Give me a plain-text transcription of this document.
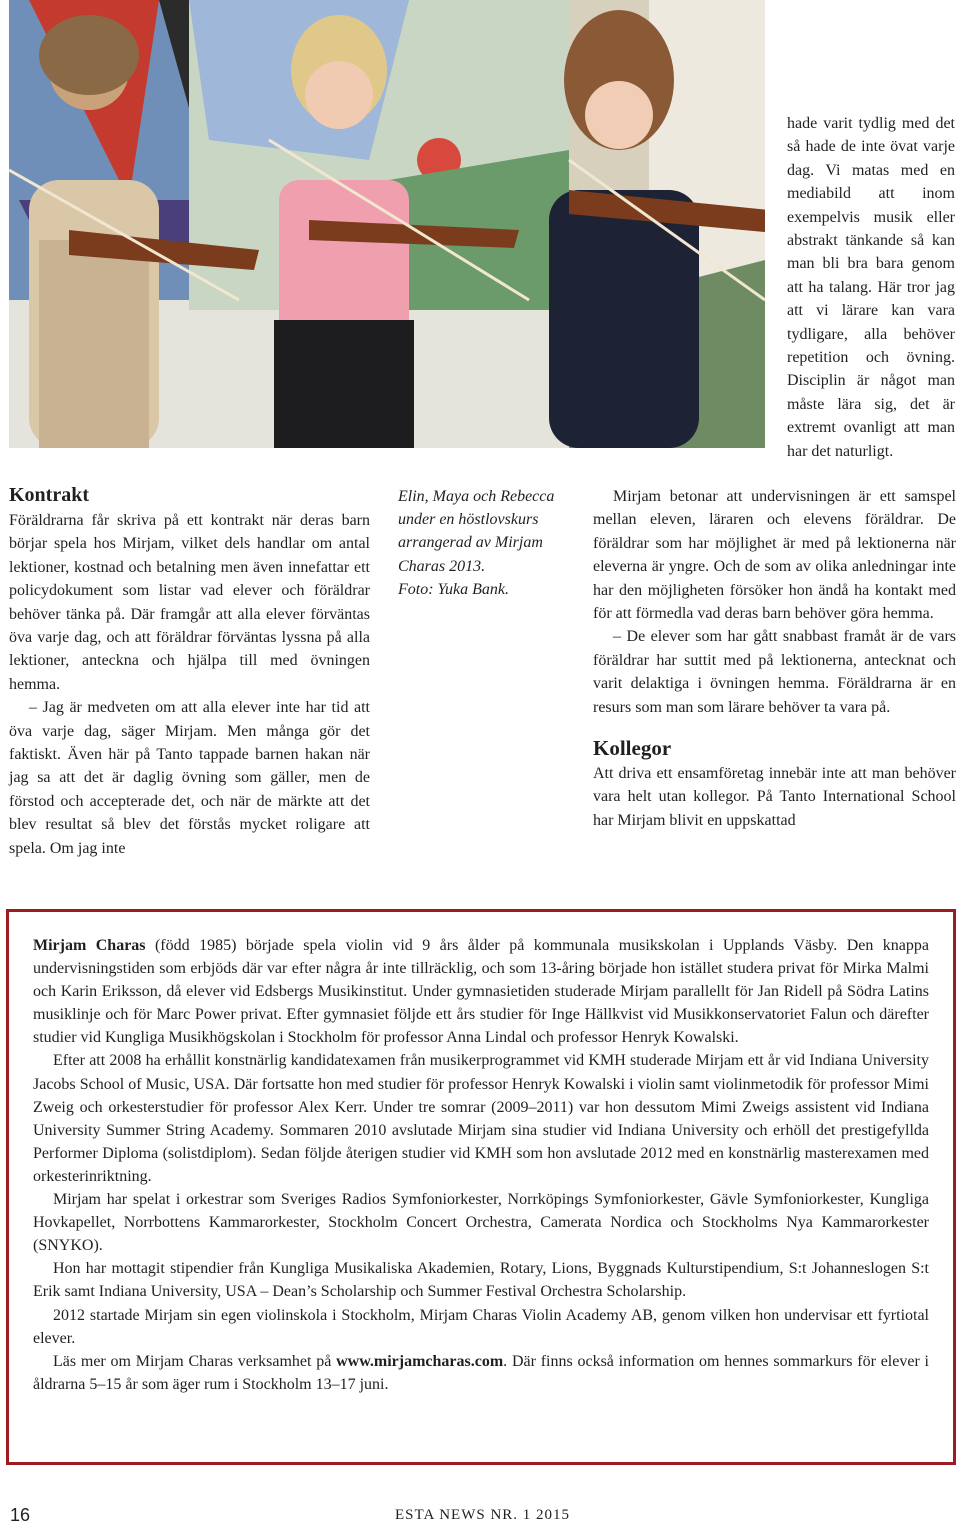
hade varit tydlig med det så hade de inte övat varje dag. Vi matas med en mediabild att inom exempelvis musik eller abstrakt tänkande så kan man bli bra bara genom att ha talang. Här tror jag att vi lärare kan vara tydligare, alla behöver repetition och övning. Disciplin är något man måste lära sig, det är extremt ovanligt att man har det naturligt.

Elin, Maya och Rebecca under en höstlovskurs arrangerad av Mirjam Charas 2013.

Foto: Yuka Bank.

Kontrakt

Föräldrarna får skriva på ett kontrakt när deras barn börjar spela hos Mirjam, vilket dels handlar om antal lektioner, kostnad och betalning men även innefattar ett policydokument som listar vad elever och föräldrar behöver tänka på. Där framgår att alla elever förväntas öva varje dag, och att föräldrar förväntas lyssna på alla lektioner, anteckna och hjälpa till med övningen hemma.

– Jag är medveten om att alla elever inte har tid att öva varje dag, säger Mirjam. Men många gör det faktiskt. Även här på Tanto tappade barnen hakan när jag sa att det är daglig övning som gäller, men de förstod och accepterade det, och när de märkte att det blev resultat så blev det förstås mycket roligare att spela. Om jag inte

Mirjam betonar att undervisningen är ett samspel mellan eleven, läraren och elevens föräldrar. De föräldrar som har möjlighet är med på lektionerna när eleverna är yngre. Och de som av olika anledningar inte har den möjligheten försöker hon ändå ha kontakt med för att förmedla vad deras barn behöver göra hemma.

– De elever som har gått snabbast framåt är de vars föräldrar har suttit med på lektionerna, antecknat och varit delaktiga i övningen hemma. Föräldrarna är en resurs som man som lärare behöver ta vara på.

Kollegor

Att driva ett ensamföretag innebär inte att man behöver vara helt utan kollegor. På Tanto International School har Mirjam blivit en uppskattad

Mirjam Charas (född 1985) började spela violin vid 9 års ålder på kommunala musikskolan i Upplands Väsby. Den knappa undervisningstiden som erbjöds där var efter några år inte tillräcklig, och som 13-åring började hon istället studera privat för Mirka Malmi och Karin Eriksson, då elever vid Edsbergs Musikinstitut. Under gymnasietiden studerade Mirjam parallellt för Jan Ridell på Södra Latins musiklinje och för Marc Power privat. Efter gymnasiet följde ett års studier för Inge Hällkvist vid Musikkonservatoriet Falun och därefter studier vid Kungliga Musikhögskolan i Stockholm för professor Anna Lindal och professor Henryk Kowalski.

Efter att 2008 ha erhållit konstnärlig kandidatexamen från musikerprogrammet vid KMH studerade Mirjam ett år vid Indiana University Jacobs School of Music, USA. Där fortsatte hon med studier för professor Henryk Kowalski i violin samt violinmetodik för professor Mimi Zweig och orkesterstudier för professor Alex Kerr. Under tre somrar (2009–2011) var hon dessutom Mimi Zweigs assistent vid Indiana University Summer String Academy. Sommaren 2010 avslutade Mirjam sina studier vid Indiana University och erhöll det prestigefyllda Performer Diploma (solistdiplom). Sedan följde återigen studier vid KMH som hon avslutade 2012 med en konstnärlig masterexamen med orkesterinriktning.

Mirjam har spelat i orkestrar som Sveriges Radios Symfoniorkester, Norrköpings Symfoniorkester, Gävle Symfoniorkester, Kungliga Hovkapellet, Norrbottens Kammarorkester, Stockholm Concert Orchestra, Camerata Nordica och Stockholms Nya Kammarorkester (SNYKO).

Hon har mottagit stipendier från Kungliga Musikaliska Akademien, Rotary, Lions, Byggnads Kulturstipendium, S:t Johanneslogen S:t Erik samt Indiana University, USA – Dean’s Scholarship och Summer Festival Orchestra Scholarship.

2012 startade Mirjam sin egen violinskola i Stockholm, Mirjam Charas Violin Academy AB, genom vilken hon undervisar ett fyrtiotal elever.

Läs mer om Mirjam Charas verksamhet på www.mirjamcharas.com. Där finns också information om hennes sommarkurs för elever i åldrarna 5–15 år som äger rum i Stockholm 13–17 juni.

16	ESTA NEWS NR. 1 2015
